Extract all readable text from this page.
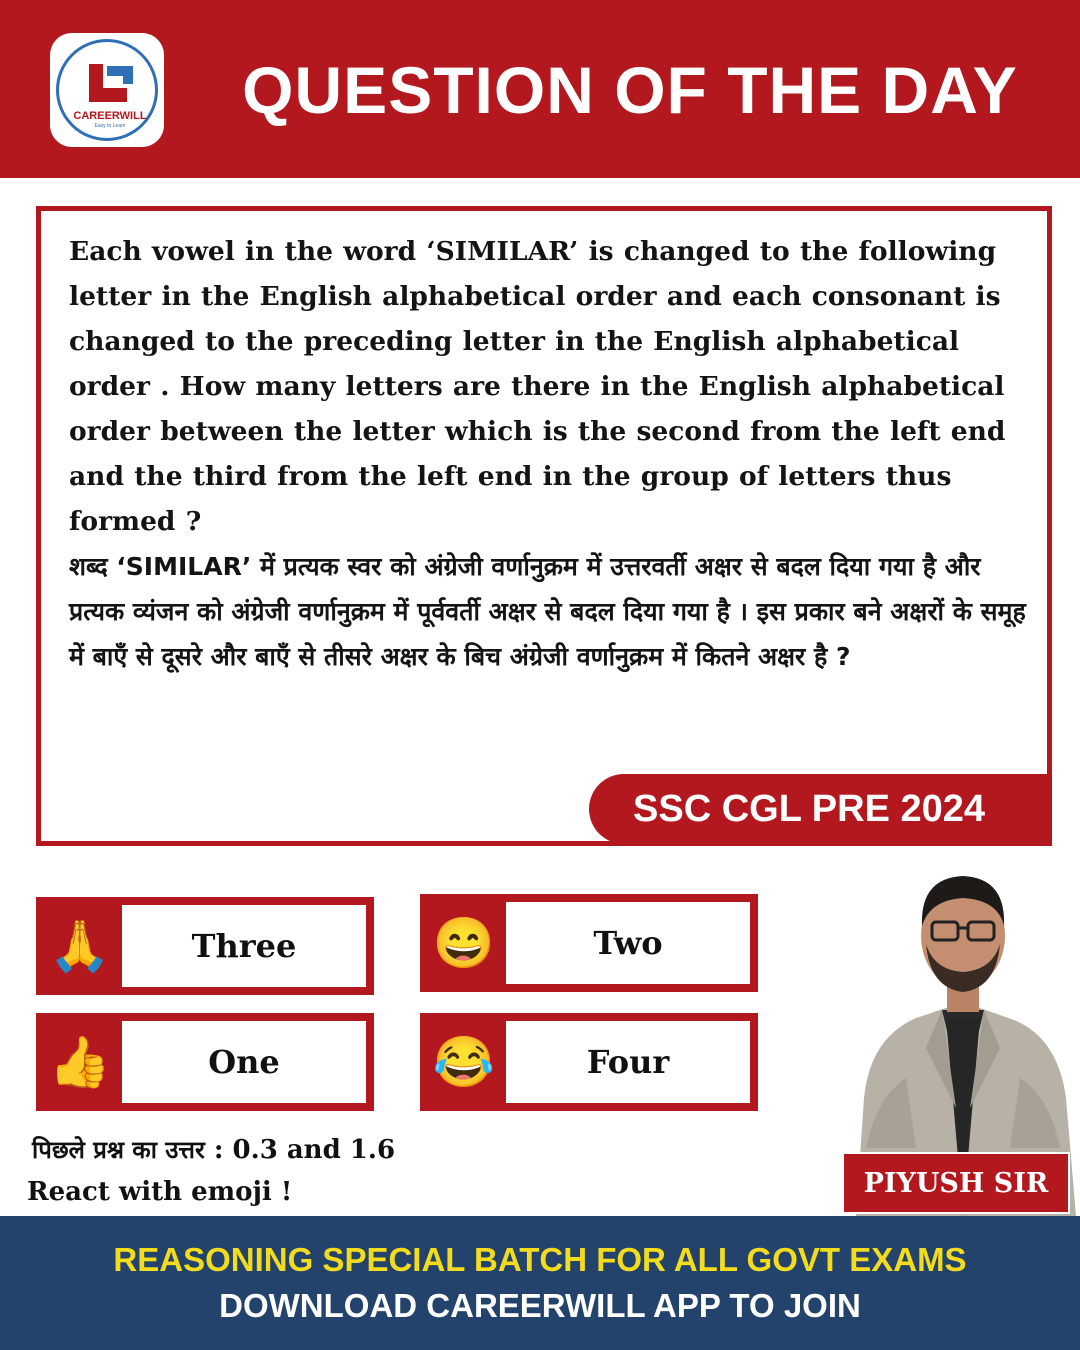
CAREERWILL
Easy to Learn	QUESTION OF THE DAY
Each vowel in the word ‘SIMILAR’ is changed to the following letter in the English alphabetical order and each consonant is changed to the preceding letter in the English alphabetical order . How many letters are there in the English alphabetical order between the letter which is the second from the left end and the third from the left end in the group of letters thus formed ?
शब्द ‘SIMILAR’ में प्रत्यक स्वर को अंग्रेजी वर्णानुक्रम में उत्तरवर्ती अक्षर से बदल दिया गया है और प्रत्यक व्यंजन को अंग्रेजी वर्णानुक्रम में पूर्ववर्ती अक्षर से बदल दिया गया है । इस प्रकार बने अक्षरों के समूह में बाएँ से दूसरे और बाएँ से तीसरे अक्षर के बिच अंग्रेजी वर्णानुक्रम में कितने अक्षर है ?
SSC CGL PRE 2024
🙏	Three	😄	Two
👍	One	😂	Four
पिछले प्रश्न का उत्तर : 0.3 and 1.6
React with emoji !	PIYUSH SIR
REASONING SPECIAL BATCH FOR ALL GOVT EXAMS
DOWNLOAD CAREERWILL APP TO JOIN
